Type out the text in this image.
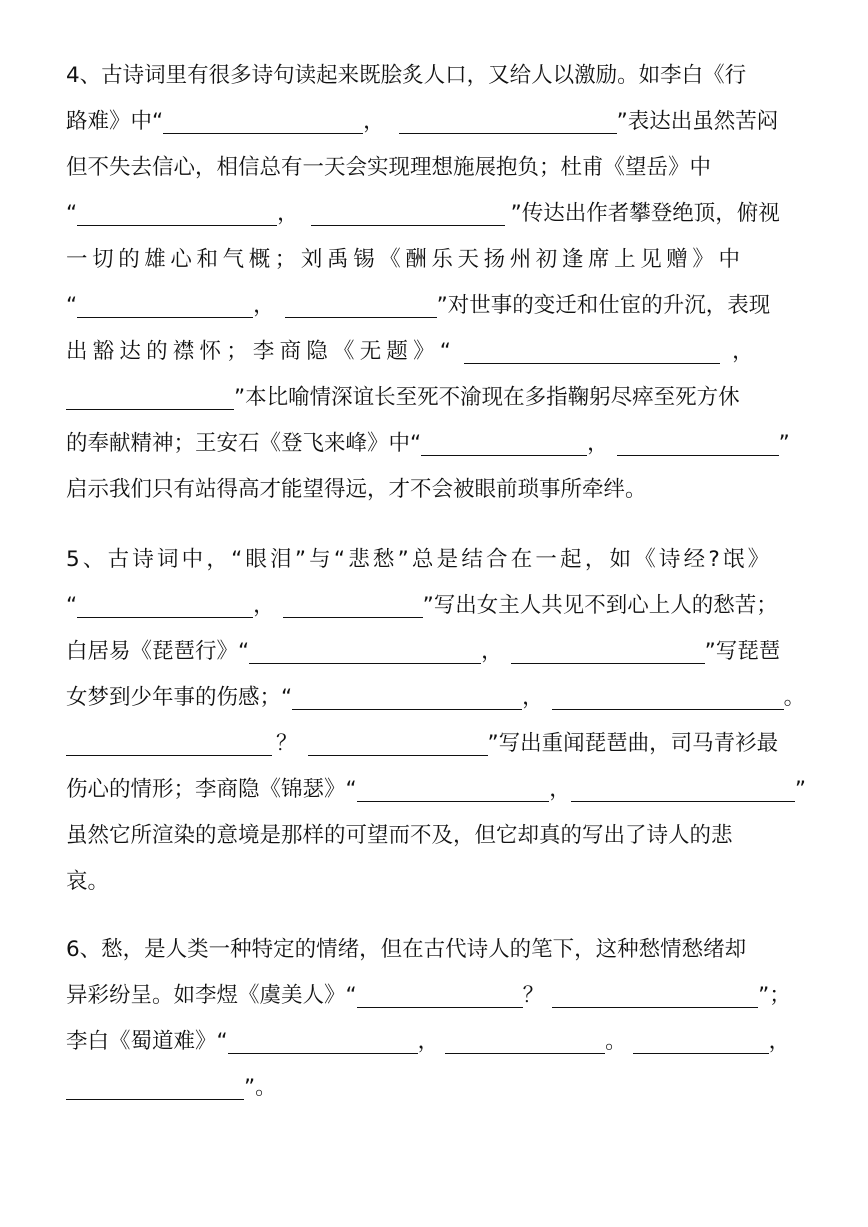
4、古诗词里有很多诗句读起来既脍炙人口，又给人以激励。如李白《行
路难》中“	，	”表达出虽然苦闷
但不失去信心，相信总有一天会实现理想施展抱负；杜甫《望岳》中
“	，	”传达出作者攀登绝顶，俯视
一切的雄心和气概；刘禹锡《酬乐天扬州初逢席上见赠》中
“	，	”对世事的变迁和仕宦的升沉，表现
出豁达的襟怀；李商隐《无题》“	，
”本比喻情深谊长至死不渝现在多指鞠躬尽瘁至死方休
的奉献精神；王安石《登飞来峰》中“	，	”
启示我们只有站得高才能望得远，才不会被眼前琐事所牵绊。
5、古诗词中，“眼泪”与“悲愁”总是结合在一起，如《诗经?氓》
“	，	”写出女主人共见不到心上人的愁苦；
白居易《琵琶行》“	，	”写琵琶
女梦到少年事的伤感；“	，	。
？	”写出重闻琵琶曲，司马青衫最
伤心的情形；李商隐《锦瑟》“	，	”
虽然它所渲染的意境是那样的可望而不及，但它却真的写出了诗人的悲
哀。
6、愁，是人类一种特定的情绪，但在古代诗人的笔下，这种愁情愁绪却
异彩纷呈。如李煜《虞美人》“	？	”；
李白《蜀道难》“	，	。	，
”。
